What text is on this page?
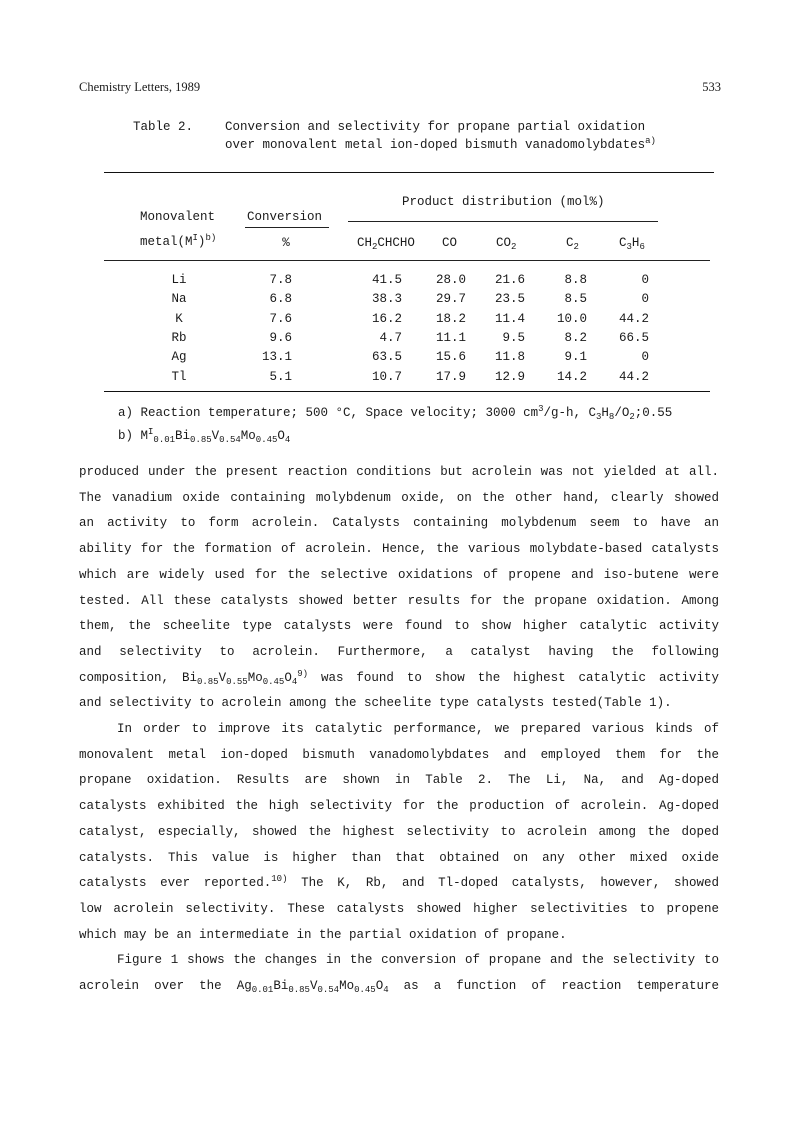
Chemistry Letters, 1989	533
Table 2.	Conversion and selectivity for propane partial oxidation
over monovalent metal ion-doped bismuth vanadomolybdates$^{a)}$
Product distribution (mol%)
Monovalent	Conversion
$metal(M^I)^{b)}$	%	$CH_2CHCHO$ CO	$CO_2$	$C_2$	$C_3H_6$
Li	7.8	41.5	28.0 21.6	8.8	0
Na	6.8	38.3	29.7 23.5	8.5	0
K	7.6	16.2	18.2 11.4	10.0	44.2
Rb	9.6	4.7	11.1	9.5	8.2	66.5
Ag	13.1	63.5	15.6 11.8	9.1	0
Tl	5.1	10.7	17.9 12.9	14.2	44.2
a) Reaction temperature; 500 °C, Space velocity; 3000 $cm^3/g-h$, $C_3H_8/O_2;0.55$
b) $M^I_{0.01}Bi_{0.85}V_{0.54}Mo_{0.45}O_4$
produced under the present reaction conditions but acrolein was not yielded at all.
The vanadium oxide containing molybdenum oxide, on the other hand, clearly showed
an activity to form acrolein. Catalysts containing molybdenum seem to have an
ability for the formation of acrolein. Hence, the various molybdate-based catalysts
which are widely used for the selective oxidations of propene and iso-butene were
tested. All these catalysts showed better results for the propane oxidation. Among
them, the scheelite type catalysts were found to show higher catalytic activity
and selectivity to acrolein. Furthermore, a catalyst having the following
composition, $Bi_{0.85}V_{0.55}Mo_{0.45}O_4^{9)}$ was found to show the highest catalytic activity
and selectivity to acrolein among the scheelite type catalysts tested(Table 1).
In order to improve its catalytic performance, we prepared various kinds of
monovalent metal ion-doped bismuth vanadomolybdates and employed them for the
propane oxidation. Results are shown in Table 2. The Li, Na, and Ag-doped
catalysts exhibited the high selectivity for the production of acrolein. Ag-doped
catalyst, especially, showed the highest selectivity to acrolein among the doped
catalysts. This value is higher than that obtained on any other mixed oxide
catalysts ever reported.$^{10)}$ The K, Rb, and Tl-doped catalysts, however, showed
low acrolein selectivity. These catalysts showed higher selectivities to propene
which may be an intermediate in the partial oxidation of propane.
Figure 1 shows the changes in the conversion of propane and the selectivity to
acrolein over the $Ag_{0.01}Bi_{0.85}V_{0.54}Mo_{0.45}O_4$ as a function of reaction temperature
